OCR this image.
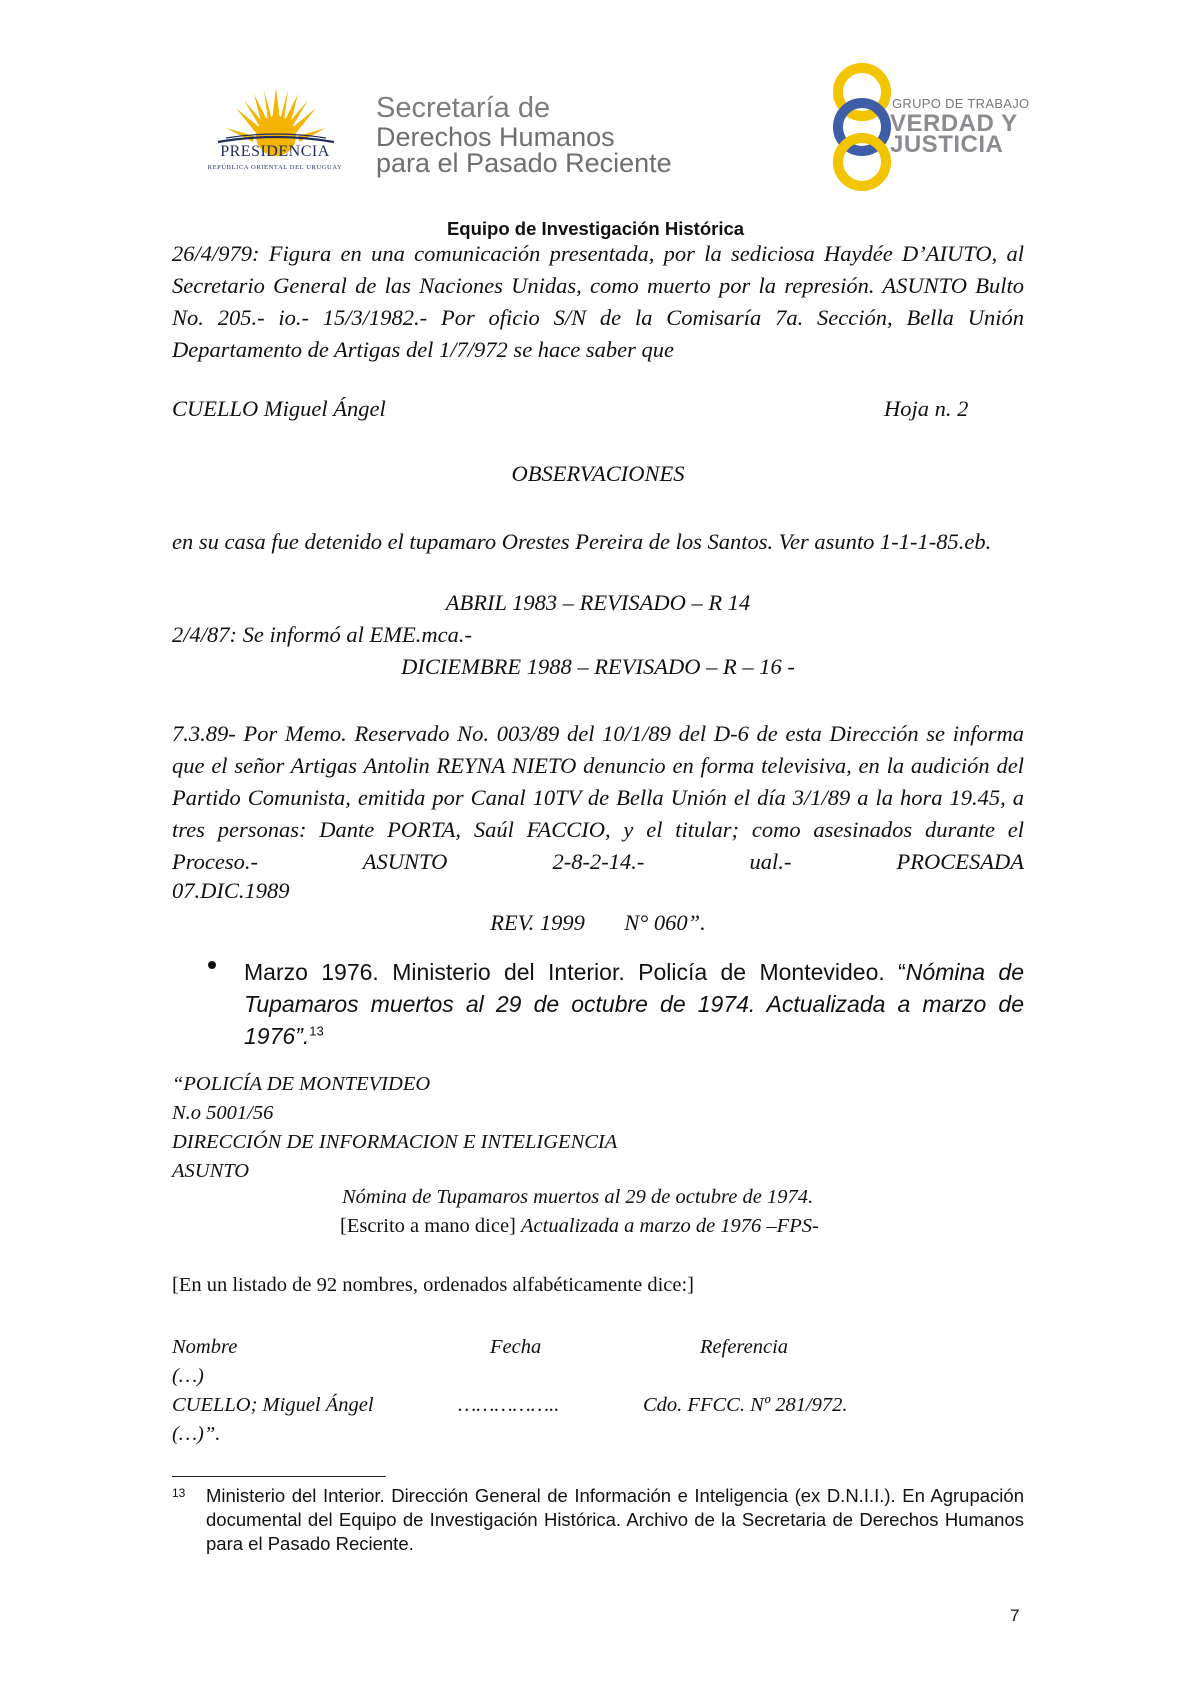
PRESIDENCIA
REPÚBLICA ORIENTAL DEL URUGUAY
Secretaría de
Derechos Humanos
para el Pasado Reciente
GRUPO DE TRABAJO
VERDAD Y
JUSTICIA
Equipo de Investigación Histórica
26/4/979: Figura en una comunicación presentada, por la sediciosa Haydée D’AIUTO, al Secretario General de las Naciones Unidas, como muerto por la represión. ASUNTO Bulto No. 205.- io.- 15/3/1982.- Por oficio S/N de la Comisaría 7a. Sección, Bella Unión Departamento de Artigas del 1/7/972 se hace saber que
CUELLO Miguel Ángel	Hoja n. 2
OBSERVACIONES
en su casa fue detenido el tupamaro Orestes Pereira de los Santos. Ver asunto 1-1-1-85.eb.
ABRIL 1983 – REVISADO – R 14
2/4/87: Se informó al EME.mca.-
DICIEMBRE 1988 – REVISADO – R – 16 -
7.3.89- Por Memo. Reservado No. 003/89 del 10/1/89 del D-6 de esta Dirección se informa que el señor Artigas Antolin REYNA NIETO denuncio en forma televisiva, en la audición del Partido Comunista, emitida por Canal 10TV de Bella Unión el día 3/1/89 a la hora 19.45, a tres personas: Dante PORTA, Saúl FACCIO, y el titular; como asesinados durante el Proceso.- ASUNTO 2-8-2-14.- ual.- PROCESADA
07.DIC.1989
REV. 1999       N° 060”.
Marzo 1976. Ministerio del Interior. Policía de Montevideo. “Nómina de Tupamaros muertos al 29 de octubre de 1974. Actualizada a marzo de 1976”.$^{13}$
“POLICÍA DE MONTEVIDEO
N.o 5001/56
DIRECCIÓN DE INFORMACION E INTELIGENCIA
ASUNTO
Nómina de Tupamaros muertos al 29 de octubre de 1974.
[Escrito a mano dice] Actualizada a marzo de 1976 –FPS-
[En un listado de 92 nombres, ordenados alfabéticamente dice:]
Nombre	Fecha	Referencia
(…)
CUELLO; Miguel Ángel	……………..	Cdo. FFCC. Nº 281/972.
(…)”.
13 Ministerio del Interior. Dirección General de Información e Inteligencia (ex D.N.I.I.). En Agrupación documental del Equipo de Investigación Histórica. Archivo de la Secretaria de Derechos Humanos para el Pasado Reciente.
7
